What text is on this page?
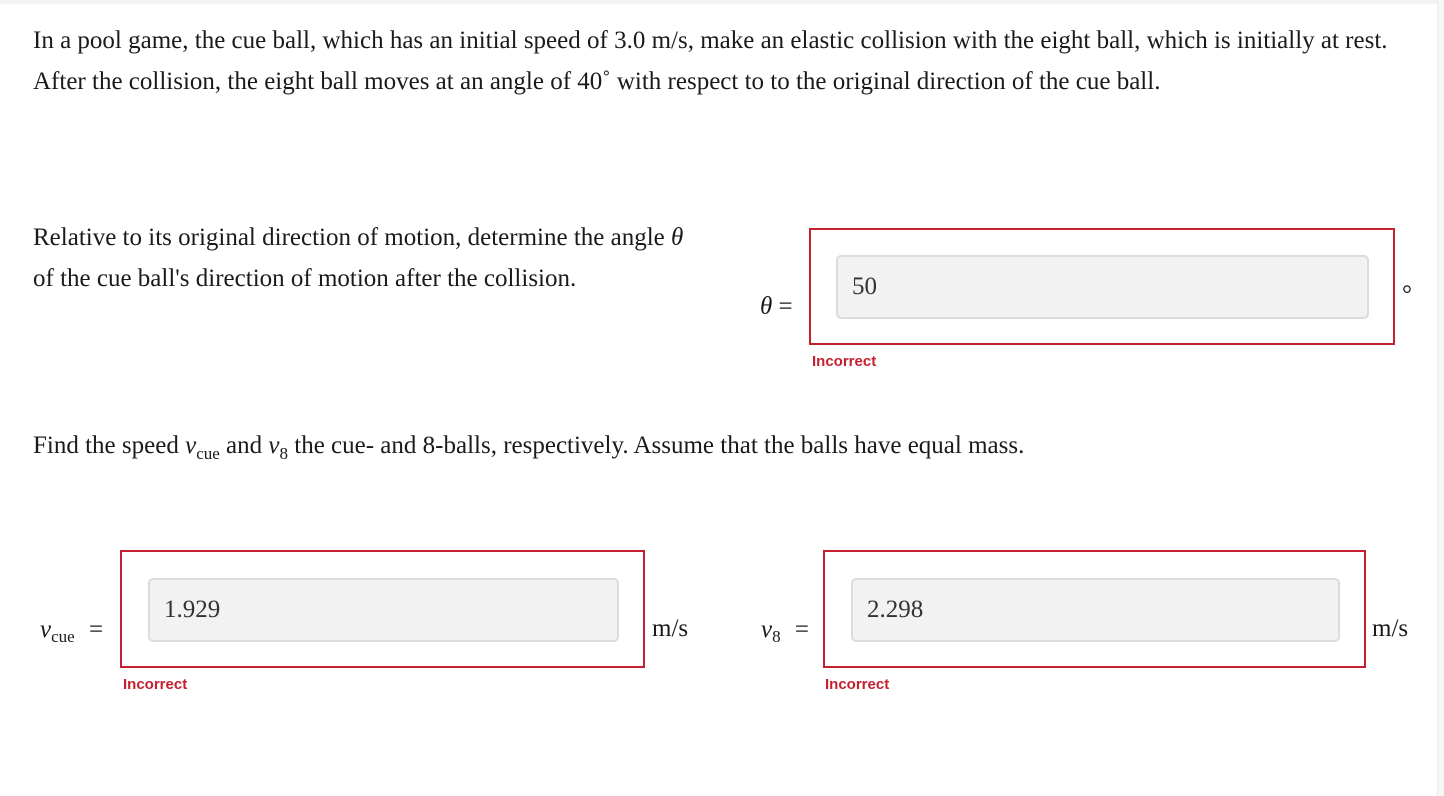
In a pool game, the cue ball, which has an initial speed of 3.0 m/s, make an elastic collision with the eight ball, which is initially at rest. After the collision, the eight ball moves at an angle of 40˚ with respect to to the original direction of the cue ball.

Relative to its original direction of motion, determine the angle θ of the cue ball's direction of motion after the collision.

θ =
50	°
Incorrect

Find the speed $v_{cue}$ and $v_8$ the cue- and 8-balls, respectively. Assume that the balls have equal mass.

$v_{cue}$ =
1.929	m/s
Incorrect
$v_8$ =
2.298	m/s
Incorrect
